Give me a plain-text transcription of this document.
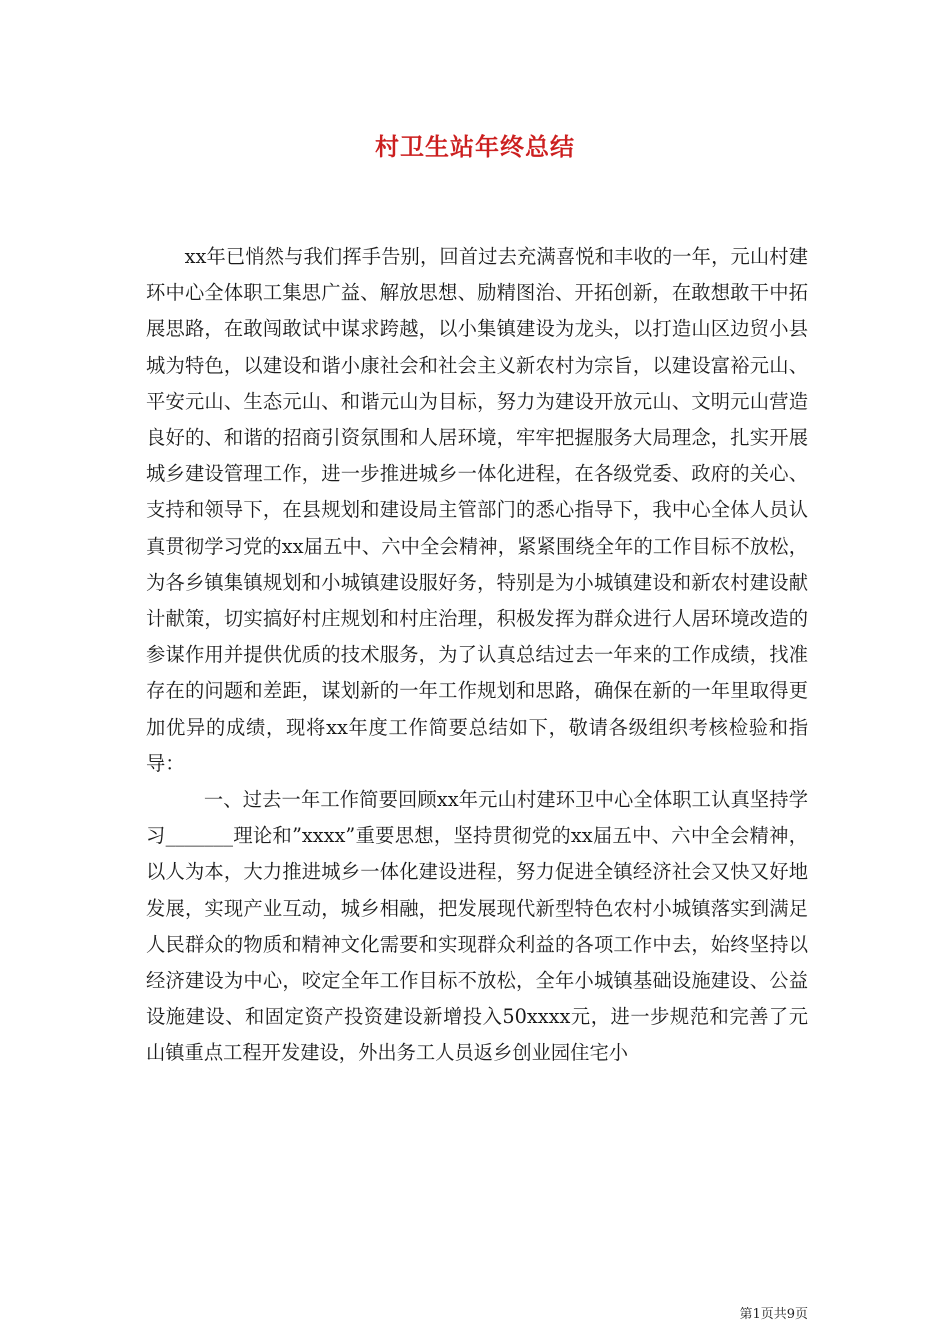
村卫生站年终总结

xx年已悄然与我们挥手告别，回首过去充满喜悦和丰收的一年，元山村建环中心全体职工集思广益、解放思想、励精图治、开拓创新，在敢想敢干中拓展思路，在敢闯敢试中谋求跨越，以小集镇建设为龙头，以打造山区边贸小县城为特色，以建设和谐小康社会和社会主义新农村为宗旨，以建设富裕元山、平安元山、生态元山、和谐元山为目标，努力为建设开放元山、文明元山营造良好的、和谐的招商引资氛围和人居环境，牢牢把握服务大局理念，扎实开展城乡建设管理工作，进一步推进城乡一体化进程，在各级党委、政府的关心、支持和领导下，在县规划和建设局主管部门的悉心指导下，我中心全体人员认真贯彻学习党的xx届五中、六中全会精神，紧紧围绕全年的工作目标不放松，为各乡镇集镇规划和小城镇建设服好务，特别是为小城镇建设和新农村建设献计献策，切实搞好村庄规划和村庄治理，积极发挥为群众进行人居环境改造的参谋作用并提供优质的技术服务，为了认真总结过去一年来的工作成绩，找准存在的问题和差距，谋划新的一年工作规划和思路，确保在新的一年里取得更加优异的成绩，现将xx年度工作简要总结如下，敬请各级组织考核检验和指导：

一、过去一年工作简要回顾xx年元山村建环卫中心全体职工认真坚持学习_______理论和”xxxx”重要思想，坚持贯彻党的xx届五中、六中全会精神，以人为本，大力推进城乡一体化建设进程，努力促进全镇经济社会又快又好地发展，实现产业互动，城乡相融，把发展现代新型特色农村小城镇落实到满足人民群众的物质和精神文化需要和实现群众利益的各项工作中去，始终坚持以经济建设为中心，咬定全年工作目标不放松，全年小城镇基础设施建设、公益设施建设、和固定资产投资建设新增投入50xxxx元，进一步规范和完善了元山镇重点工程开发建设，外出务工人员返乡创业园住宅小

第1页共9页
